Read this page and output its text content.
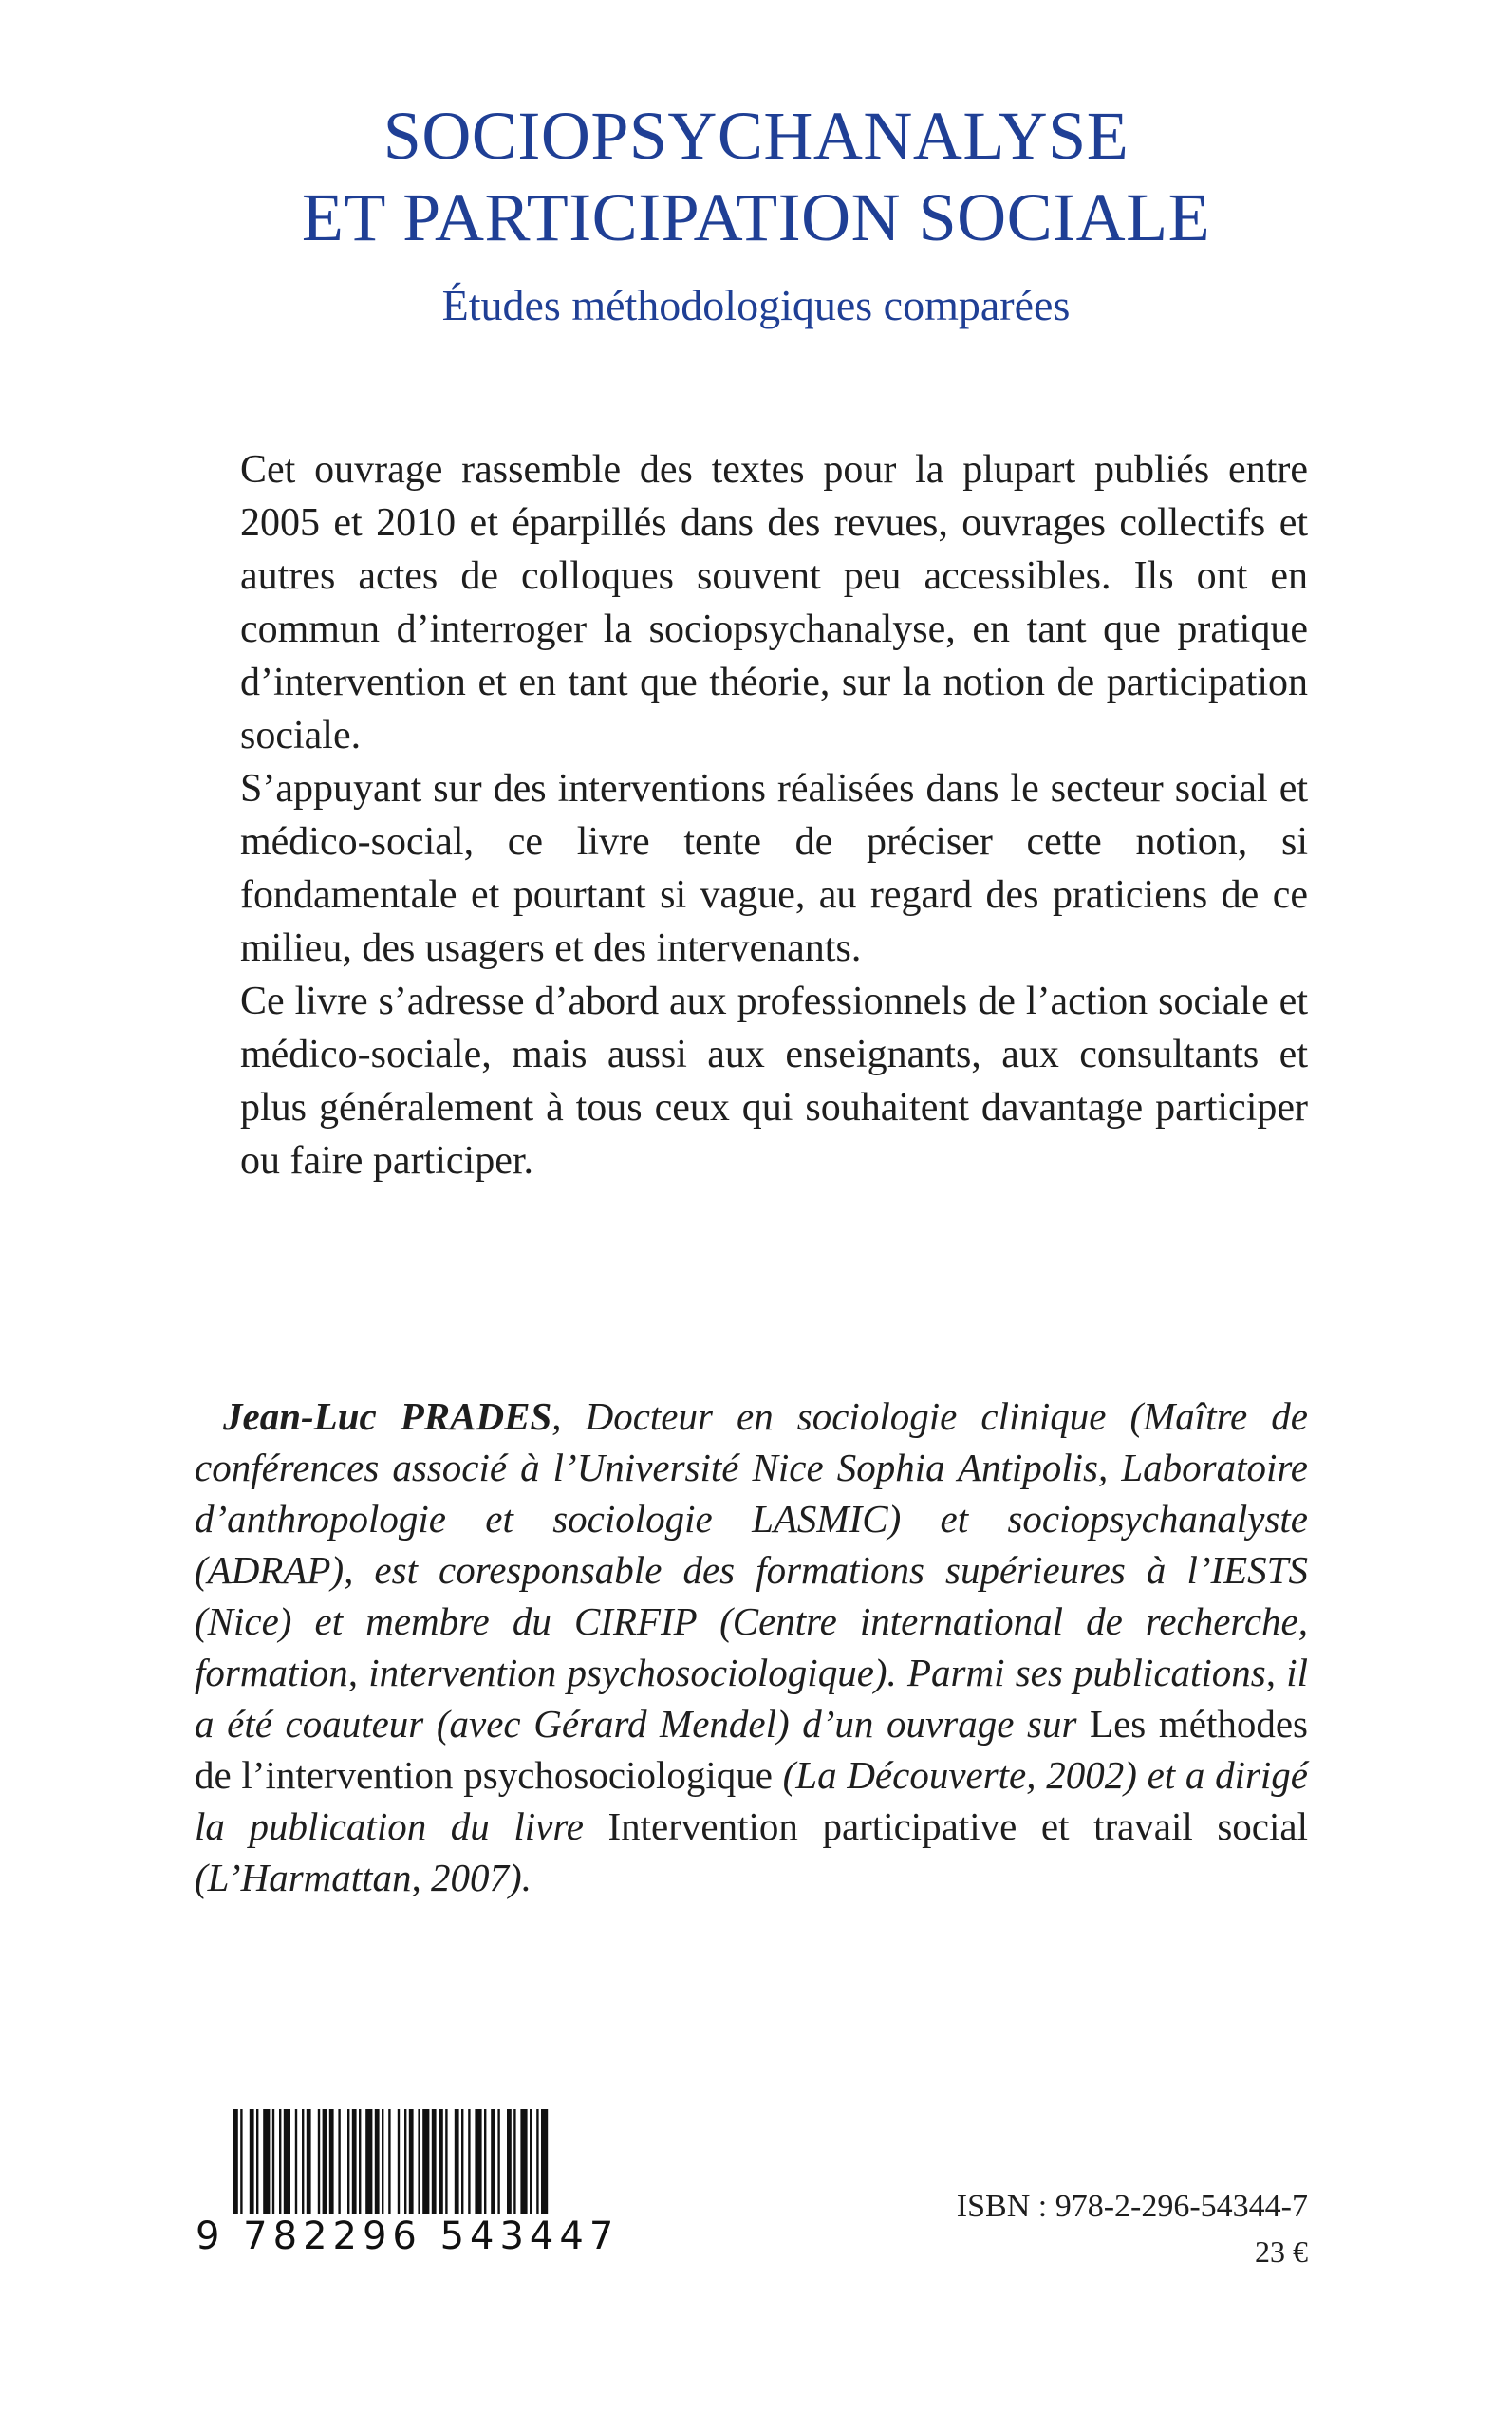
SOCIOPSYCHANALYSE
ET PARTICIPATION SOCIALE
Études méthodologiques comparées

Cet ouvrage rassemble des textes pour la plupart publiés entre 2005 et 2010 et éparpillés dans des revues, ouvrages collectifs et autres actes de colloques souvent peu accessibles. Ils ont en commun d’interroger la sociopsychanalyse, en tant que pratique d’intervention et en tant que théorie, sur la notion de participation sociale.

S’appuyant sur des interventions réalisées dans le secteur social et médico-social, ce livre tente de préciser cette notion, si fondamentale et pourtant si vague, au regard des praticiens de ce milieu, des usagers et des intervenants.

Ce livre s’adresse d’abord aux professionnels de l’action sociale et médico-sociale, mais aussi aux enseignants, aux consultants et plus généralement à tous ceux qui souhaitent davantage participer ou faire participer.

Jean-Luc PRADES, Docteur en sociologie clinique (Maître de conférences associé à l’Université Nice Sophia Antipolis, Laboratoire d’anthropologie et sociologie LASMIC) et sociopsychanalyste (ADRAP), est coresponsable des formations supérieures à l’IESTS (Nice) et membre du CIRFIP (Centre international de recherche, formation, intervention psychosociologique). Parmi ses publications, il a été coauteur (avec Gérard Mendel) d’un ouvrage sur Les méthodes de l’intervention psychosociologique (La Découverte, 2002) et a dirigé la publication du livre Intervention participative et travail social (L’Harmattan, 2007).
9 782296 543447
ISBN : 978-2-296-54344-7
23 €
